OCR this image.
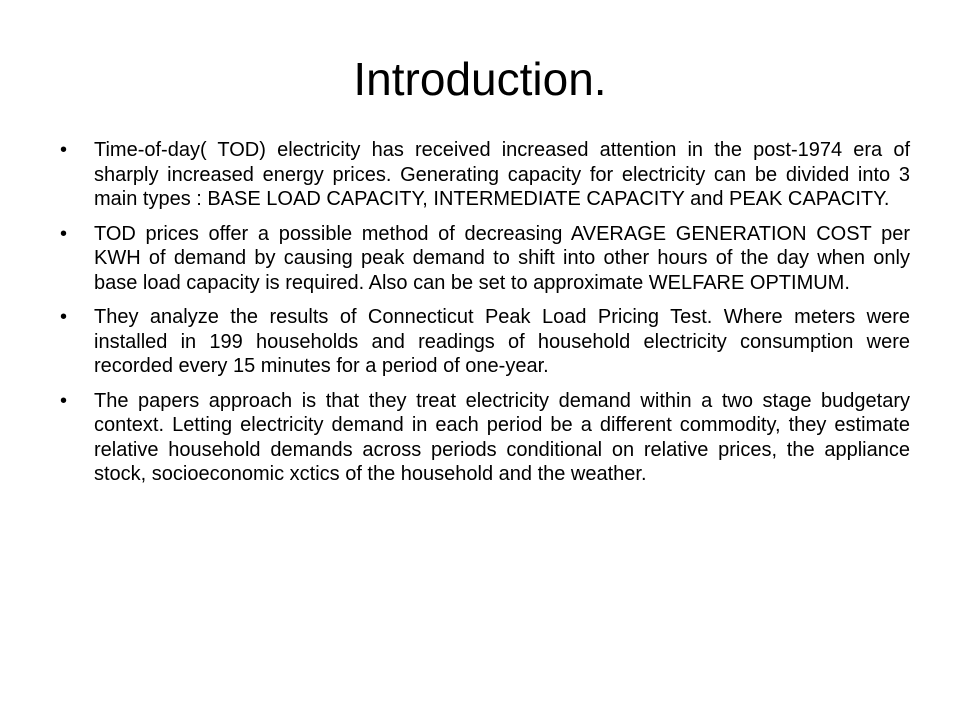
Introduction.
•	Time-of-day( TOD) electricity has received increased attention in the post-1974 era of sharply increased energy prices. Generating capacity for electricity can be divided into 3 main types : BASE LOAD CAPACITY, INTERMEDIATE CAPACITY and PEAK CAPACITY.
•	TOD prices offer a possible method of decreasing AVERAGE GENERATION COST per KWH of demand by causing peak demand to shift into other hours of the day when only base load capacity is required. Also can be set to approximate WELFARE OPTIMUM.
•	They analyze the results of Connecticut Peak Load Pricing Test. Where meters were installed in 199 households and readings of household electricity consumption were recorded every 15 minutes for a period of one-year.
•	The papers approach is that they treat electricity demand within a two stage budgetary context. Letting electricity demand in each period be a different commodity, they estimate relative household demands across periods conditional on relative prices, the appliance stock, socioeconomic xctics of the household and the weather.
